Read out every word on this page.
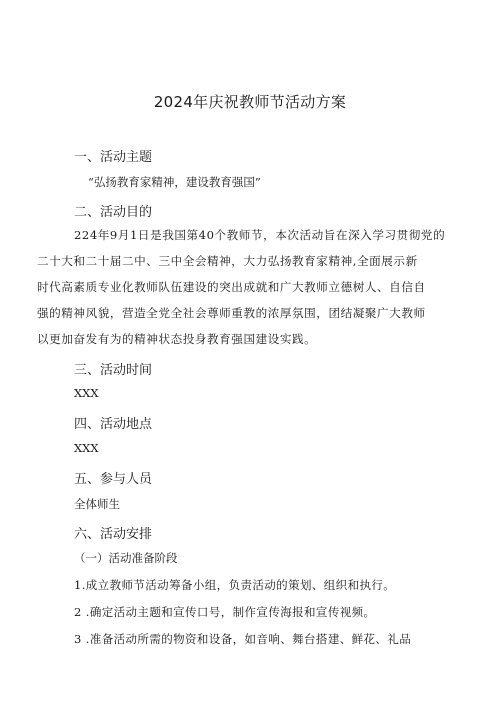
2024年庆祝教师节活动方案
一、活动主题
“弘扬教育家精神，建设教育强国”
二、活动目的
224年9月1日是我国第40个教师节，本次活动旨在深入学习贯彻党的
二十大和二十届二中、三中全会精神，大力弘扬教育家精神,全面展示新
时代高素质专业化教师队伍建设的突出成就和广大教师立德树人、自信自
强的精神风貌，营造全党全社会尊师重教的浓厚氛围，团结凝聚广大教师
以更加奋发有为的精神状态投身教育强国建设实践。
三、活动时间
XXX
四、活动地点
XXX
五、参与人员
全体师生
六、活动安排
（一）活动准备阶段
1.成立教师节活动筹备小组，负责活动的策划、组织和执行。
2 .确定活动主题和宣传口号，制作宣传海报和宣传视频。
3 .准备活动所需的物资和设备，如音响、舞台搭建、鲜花、礼品
